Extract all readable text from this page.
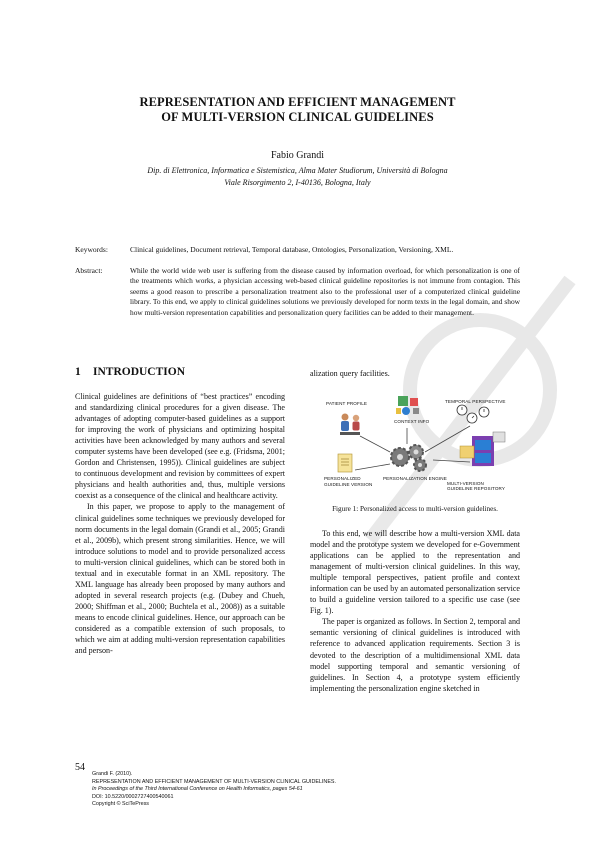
REPRESENTATION AND EFFICIENT MANAGEMENT
OF MULTI-VERSION CLINICAL GUIDELINES
Fabio Grandi
Dip. di Elettronica, Informatica e Sistemistica, Alma Mater Studiorum, Università di Bologna
Viale Risorgimento 2, I-40136, Bologna, Italy
Keywords:	Clinical guidelines, Document retrieval, Temporal database, Ontologies, Personalization, Versioning, XML.
Abstract:	While the world wide web user is suffering from the disease caused by information overload, for which personalization is one of the treatments which works, a physician accessing web-based clinical guideline repositories is not immune from contagion. This seems a good reason to prescribe a personalization treatment also to the professional user of a computerized clinical guideline library. To this end, we apply to clinical guidelines solutions we previously developed for norm texts in the legal domain, and show how multi-version representation capabilities and personalization query facilities can be added to their management.
1 INTRODUCTION

Clinical guidelines are definitions of “best practices” encoding and standardizing clinical procedures for a given disease. The advantages of adopting computer-based guidelines as a support for improving the work of physicians and optimizing hospital activities have been acknowledged by many authors and several computer systems have been developed (see e.g. (Fridsma, 2001; Gordon and Christensen, 1995)). Clinical guidelines are subject to continuous development and revision by committees of expert physicians and health authorities and, thus, multiple versions coexist as a consequence of the clinical and healthcare activity.

In this paper, we propose to apply to the management of clinical guidelines some techniques we previously developed for norm documents in the legal domain (Grandi et al., 2005; Grandi et al., 2009b), which present strong similarities. Hence, we will introduce solutions to model and to provide personalized access to multi-version clinical guidelines, which can be stored both in textual and in executable format in an XML repository. The XML language has already been proposed by many authors and adopted in several research projects (e.g. (Dubey and Chueh, 2000; Shiffman et al., 2000; Buchtela et al., 2008)) as a suitable means to encode clinical guidelines. Hence, our approach can be considered as a compatible extension of such proposals, to which we aim at adding multi-version representation capabilities and person-

alization query facilities.
PATIENT PROFILE	TEMPORAL PERSPECTIVE
CONTEXT INFO
PERSONALIZATION ENGINE
PERSONALIZED
GUIDELINE VERSION	MULTI-VERSION
GUIDELINE REPOSITORY
Figure 1: Personalized access to multi-version guidelines.

To this end, we will describe how a multi-version XML data model and the prototype system we developed for e-Government applications can be applied to the representation and management of multi-version clinical guidelines. In this way, multiple temporal perspectives, patient profile and context information can be used by an automated personalization service to build a guideline version tailored to a specific use case (see Fig. 1).

The paper is organized as follows. In Section 2, temporal and semantic versioning of clinical guidelines is introduced with reference to advanced application requirements. Section 3 is devoted to the description of a multidimensional XML data model supporting temporal and semantic versioning of guidelines. In Section 4, a prototype system efficiently implementing the personalization engine sketched in

54
Grandi F. (2010).
REPRESENTATION AND EFFICIENT MANAGEMENT OF MULTI-VERSION CLINICAL GUIDELINES.
In Proceedings of the Third International Conference on Health Informatics, pages 54-61
DOI: 10.5220/0002727400540061
Copyright © SciTePress
